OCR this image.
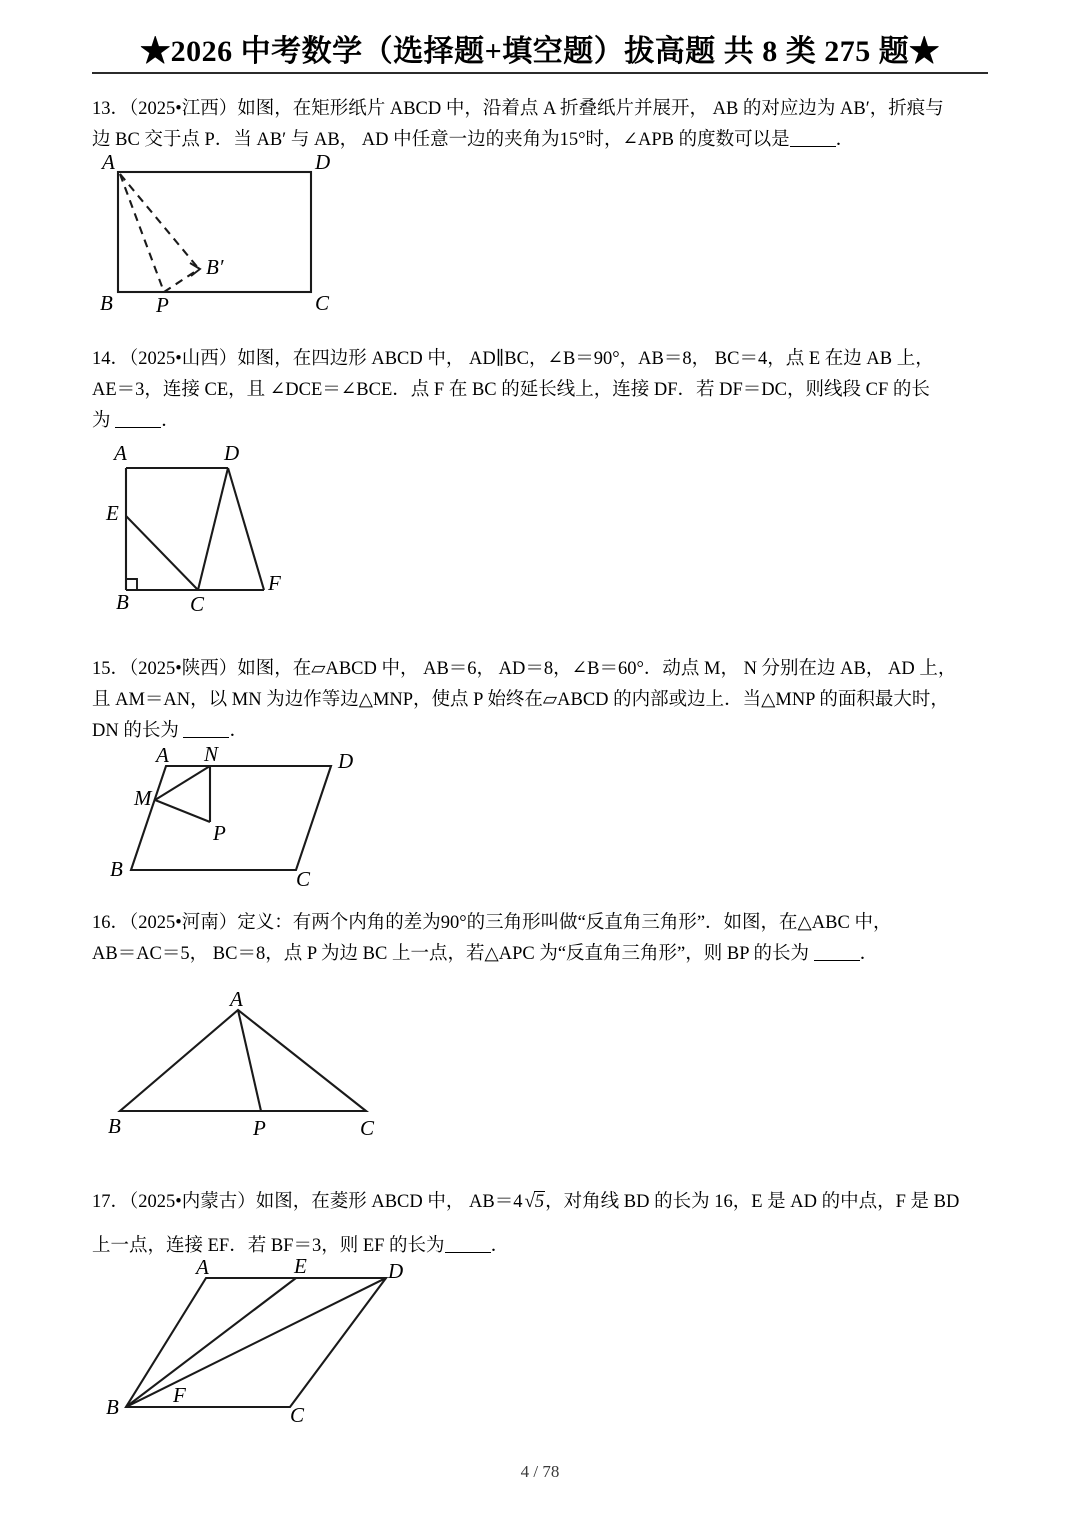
★2026 中考数学（选择题+填空题）拔高题 共 8 类 275 题★
13．（2025•江西）如图，在矩形纸片 ABCD 中，沿着点 A 折叠纸片并展开， AB 的对应边为 AB′，折痕与
边 BC 交于点 P．当 AB′ 与 AB， AD 中任意一边的夹角为15°时，∠APB 的度数可以是 ．
A	D
B P	C
B′
14．（2025•山西）如图，在四边形 ABCD 中， AD∥BC，∠B＝90°，AB＝8， BC＝4，点 E 在边 AB 上，
AE＝3，连接 CE，且 ∠DCE＝∠BCE．点 F 在 BC 的延长线上，连接 DF．若 DF＝DC，则线段 CF 的长
为	．
A	D
E
B	C
F
15．（2025•陕西）如图，在▱ABCD 中， AB＝6， AD＝8，∠B＝60°．动点 M， N 分别在边 AB， AD 上，
且 AM＝AN，以 MN 为边作等边△MNP，使点 P 始终在▱ABCD 的内部或边上．当△MNP 的面积最大时，
DN 的长为	．
A N	D
M
P
B	C
16．（2025•河南）定义：有两个内角的差为90°的三角形叫做“反直角三角形”．如图，在△ABC 中，
AB＝AC＝5， BC＝8，点 P 为边 BC 上一点，若△APC 为“反直角三角形”，则 BP 的长为	．
A
B	P	C
17．（2025•内蒙古）如图，在菱形 ABCD 中， AB＝4 √5，对角线 BD 的长为 16，E 是 AD 的中点，F 是 BD
上一点，连接 EF．若 BF＝3，则 EF 的长为 ．
A	E	D
B	F
C
4 / 78
